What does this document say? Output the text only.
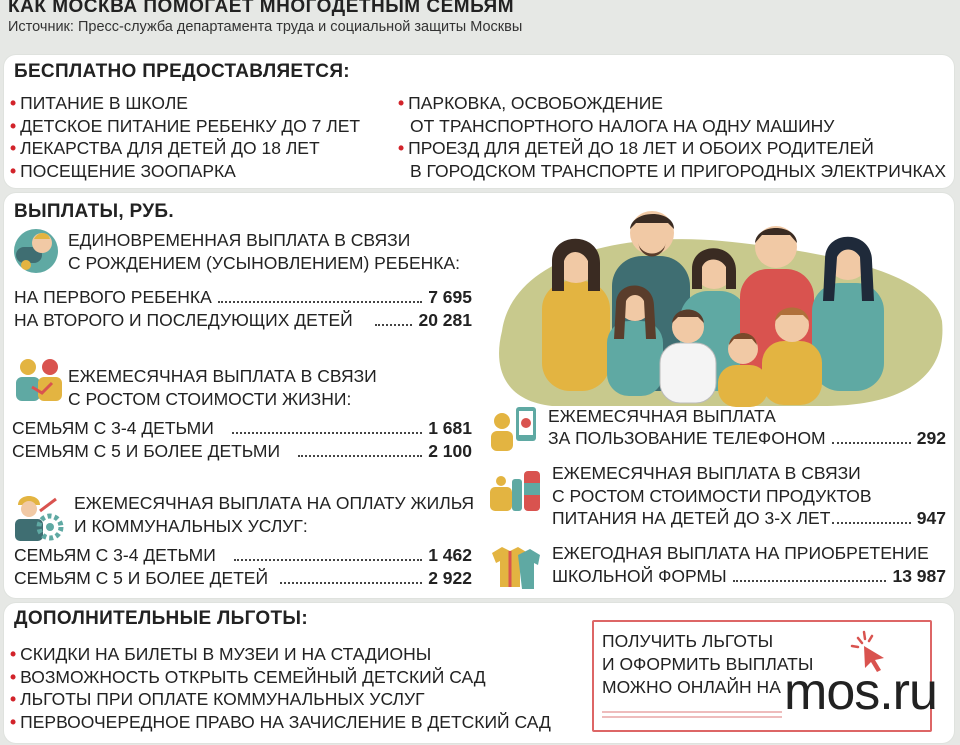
КАК МОСКВА ПОМОГАЕТ МНОГОДЕТНЫМ СЕМЬЯМ
Источник: Пресс-служба департамента труда и социальной защиты Москвы
БЕСПЛАТНО ПРЕДОСТАВЛЯЕТСЯ:
• ПИТАНИЕ В ШКОЛЕ
• ДЕТСКОЕ ПИТАНИЕ РЕБЕНКУ ДО 7 ЛЕТ
• ЛЕКАРСТВА ДЛЯ ДЕТЕЙ ДО 18 ЛЕТ
• ПОСЕЩЕНИЕ ЗООПАРКА
• ПАРКОВКА, ОСВОБОЖДЕНИЕ
ОТ ТРАНСПОРТНОГО НАЛОГА НА ОДНУ МАШИНУ
• ПРОЕЗД ДЛЯ ДЕТЕЙ ДО 18 ЛЕТ И ОБОИХ РОДИТЕЛЕЙ
В ГОРОДСКОМ ТРАНСПОРТЕ И ПРИГОРОДНЫХ ЭЛЕКТРИЧКАХ
ВЫПЛАТЫ, РУБ.
ЕДИНОВРЕМЕННАЯ ВЫПЛАТА В СВЯЗИ
С РОЖДЕНИЕМ (УСЫНОВЛЕНИЕМ) РЕБЕНКА:
НА ПЕРВОГО РЕБЕНКА	7 695
НА ВТОРОГО И ПОСЛЕДУЮЩИХ ДЕТЕЙ	20 281
ЕЖЕМЕСЯЧНАЯ ВЫПЛАТА В СВЯЗИ
С РОСТОМ СТОИМОСТИ ЖИЗНИ:
СЕМЬЯМ С 3-4 ДЕТЬМИ	1 681
СЕМЬЯМ С 5 И БОЛЕЕ ДЕТЬМИ	2 100
ЕЖЕМЕСЯЧНАЯ ВЫПЛАТА НА ОПЛАТУ ЖИЛЬЯ
И КОММУНАЛЬНЫХ УСЛУГ:
СЕМЬЯМ С 3-4 ДЕТЬМИ	1 462
СЕМЬЯМ С 5 И БОЛЕЕ ДЕТЕЙ	2 922
ЕЖЕМЕСЯЧНАЯ ВЫПЛАТА
ЗА ПОЛЬЗОВАНИЕ ТЕЛЕФОНОМ	292
ЕЖЕМЕСЯЧНАЯ ВЫПЛАТА В СВЯЗИ
С РОСТОМ СТОИМОСТИ ПРОДУКТОВ
ПИТАНИЯ НА ДЕТЕЙ ДО 3-Х ЛЕТ	947
ЕЖЕГОДНАЯ ВЫПЛАТА НА ПРИОБРЕТЕНИЕ
ШКОЛЬНОЙ ФОРМЫ	13 987
ДОПОЛНИТЕЛЬНЫЕ ЛЬГОТЫ:
• СКИДКИ НА БИЛЕТЫ В МУЗЕИ И НА СТАДИОНЫ
• ВОЗМОЖНОСТЬ ОТКРЫТЬ СЕМЕЙНЫЙ ДЕТСКИЙ САД
• ЛЬГОТЫ ПРИ ОПЛАТЕ КОММУНАЛЬНЫХ УСЛУГ
• ПЕРВООЧЕРЕДНОЕ ПРАВО НА ЗАЧИСЛЕНИЕ В ДЕТСКИЙ САД
ПОЛУЧИТЬ ЛЬГОТЫ
И ОФОРМИТЬ ВЫПЛАТЫ
МОЖНО ОНЛАЙН НА mos.ru
